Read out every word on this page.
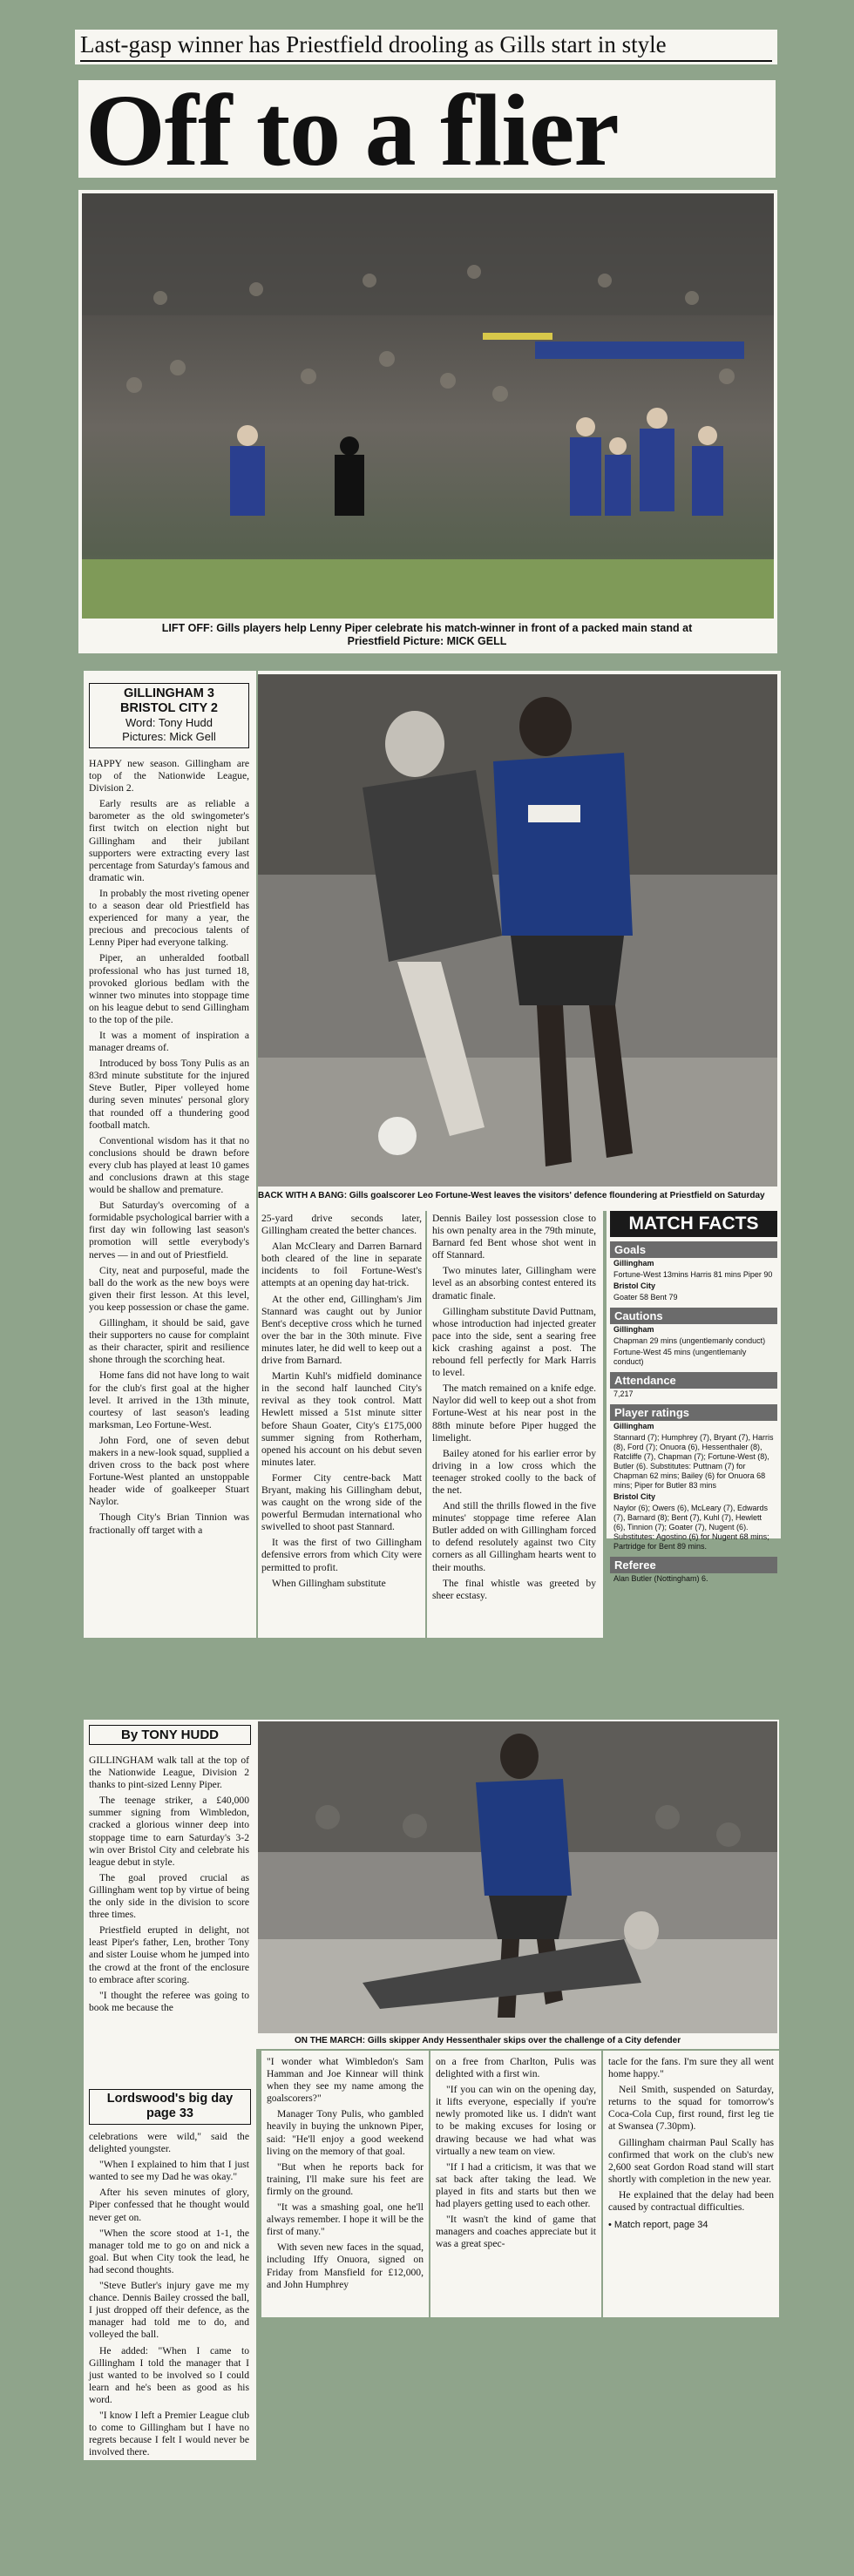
Last-gasp winner has Priestfield drooling as Gills start in style
Off to a flier
LIFT OFF: Gills players help Lenny Piper celebrate his match-winner in front of a packed main stand at Priestfield Picture: MICK GELL
GILLINGHAM 3
BRISTOL CITY 2
Word: Tony Hudd
Pictures: Mick Gell

HAPPY new season. Gillingham are top of the Nationwide League, Division 2.

Early results are as reliable a barometer as the old swingometer's first twitch on election night but Gillingham and their jubilant supporters were extracting every last percentage from Saturday's famous and dramatic win.

In probably the most riveting opener to a season dear old Priestfield has experienced for many a year, the precious and precocious talents of Lenny Piper had everyone talking.

Piper, an unheralded football professional who has just turned 18, provoked glorious bedlam with the winner two minutes into stoppage time on his league debut to send Gillingham to the top of the pile.

It was a moment of inspiration a manager dreams of.

Introduced by boss Tony Pulis as an 83rd minute substitute for the injured Steve Butler, Piper volleyed home during seven minutes' personal glory that rounded off a thundering good football match.

Conventional wisdom has it that no conclusions should be drawn before every club has played at least 10 games and conclusions drawn at this stage would be shallow and premature.

But Saturday's overcoming of a formidable psychological barrier with a first day win following last season's promotion will settle everybody's nerves — in and out of Priestfield.

City, neat and purposeful, made the ball do the work as the new boys were given their first lesson. At this level, you keep possession or chase the game.

Gillingham, it should be said, gave their supporters no cause for complaint as their character, spirit and resilience shone through the scorching heat.

Home fans did not have long to wait for the club's first goal at the higher level. It arrived in the 13th minute, courtesy of last season's leading marksman, Leo Fortune-West.

John Ford, one of seven debut makers in a new-look squad, supplied a driven cross to the back post where Fortune-West planted an unstoppable header wide of goalkeeper Stuart Naylor.

Though City's Brian Tinnion was fractionally off target with a

BACK WITH A BANG: Gills goalscorer Leo Fortune-West leaves the visitors' defence floundering at Priestfield on Saturday

25-yard drive seconds later, Gillingham created the better chances.

Alan McCleary and Darren Barnard both cleared of the line in separate incidents to foil Fortune-West's attempts at an opening day hat-trick.

At the other end, Gillingham's Jim Stannard was caught out by Junior Bent's deceptive cross which he turned over the bar in the 30th minute. Five minutes later, he did well to keep out a drive from Barnard.

Martin Kuhl's midfield dominance in the second half launched City's revival as they took control. Matt Hewlett missed a 51st minute sitter before Shaun Goater, City's £175,000 summer signing from Rotherham, opened his account on his debut seven minutes later.

Former City centre-back Matt Bryant, making his Gillingham debut, was caught on the wrong side of the powerful Bermudan international who swivelled to shoot past Stannard.

It was the first of two Gillingham defensive errors from which City were permitted to profit.

When Gillingham substitute

Dennis Bailey lost possession close to his own penalty area in the 79th minute, Barnard fed Bent whose shot went in off Stannard.

Two minutes later, Gillingham were level as an absorbing contest entered its dramatic finale.

Gillingham substitute David Puttnam, whose introduction had injected greater pace into the side, sent a searing free kick crashing against a post. The rebound fell perfectly for Mark Harris to level.

The match remained on a knife edge. Naylor did well to keep out a shot from Fortune-West at his near post in the 88th minute before Piper hugged the limelight.

Bailey atoned for his earlier error by driving in a low cross which the teenager stroked coolly to the back of the net.

And still the thrills flowed in the five minutes' stoppage time referee Alan Butler added on with Gillingham forced to defend resolutely against two City corners as all Gillingham hearts went to their mouths.

The final whistle was greeted by sheer ecstasy.

MATCH FACTS
Goals
Gillingham
Fortune-West 13mins Harris 81 mins Piper 90
Bristol City
Goater 58 Bent 79
Cautions
Gillingham
Chapman 29 mins (ungentlemanly conduct)
Fortune-West 45 mins (ungentlemanly conduct)
Attendance
7,217
Player ratings
Gillingham
Stannard (7); Humphrey (7), Bryant (7), Harris (8), Ford (7); Onuora (6), Hessenthaler (8), Ratcliffe (7), Chapman (7); Fortune-West (8), Butler (6). Substitutes: Puttnam (7) for Chapman 62 mins; Bailey (6) for Onuora 68 mins; Piper for Butler 83 mins
Bristol City
Naylor (6); Owers (6), McLeary (7), Edwards (7), Barnard (8); Bent (7), Kuhl (7), Hewlett (6), Tinnion (7); Goater (7), Nugent (6). Substitutes: Agostino (6) for Nugent 68 mins; Partridge for Bent 89 mins.
Referee
Alan Butler (Nottingham) 6.
By TONY HUDD

GILLINGHAM walk tall at the top of the Nationwide League, Division 2 thanks to pint-sized Lenny Piper.

The teenage striker, a £40,000 summer signing from Wimbledon, cracked a glorious winner deep into stoppage time to earn Saturday's 3-2 win over Bristol City and celebrate his league debut in style.

The goal proved crucial as Gillingham went top by virtue of being the only side in the division to score three times.

Priestfield erupted in delight, not least Piper's father, Len, brother Tony and sister Louise whom he jumped into the crowd at the front of the enclosure to embrace after scoring.

"I thought the referee was going to book me because the

ON THE MARCH: Gills skipper Andy Hessenthaler skips over the challenge of a City defender
Lordswood's big day
page 33

celebrations were wild," said the delighted youngster.

"When I explained to him that I just wanted to see my Dad he was okay."

After his seven minutes of glory, Piper confessed that he thought would never get on.

"When the score stood at 1-1, the manager told me to go on and nick a goal. But when City took the lead, he had second thoughts.

"Steve Butler's injury gave me my chance. Dennis Bailey crossed the ball, I just dropped off their defence, as the manager had told me to do, and volleyed the ball.

He added: "When I came to Gillingham I told the manager that I just wanted to be involved so I could learn and he's been as good as his word.

"I know I left a Premier League club to come to Gillingham but I have no regrets because I felt I would never be involved there.

"I wonder what Wimbledon's Sam Hamman and Joe Kinnear will think when they see my name among the goalscorers?"

Manager Tony Pulis, who gambled heavily in buying the unknown Piper, said: "He'll enjoy a good weekend living on the memory of that goal.

"But when he reports back for training, I'll make sure his feet are firmly on the ground.

"It was a smashing goal, one he'll always remember. I hope it will be the first of many."

With seven new faces in the squad, including Iffy Onuora, signed on Friday from Mansfield for £12,000, and John Humphrey

on a free from Charlton, Pulis was delighted with a first win.

"If you can win on the opening day, it lifts everyone, especially if you're newly promoted like us. I didn't want to be making excuses for losing or drawing because we had what was virtually a new team on view.

"If I had a criticism, it was that we sat back after taking the lead. We played in fits and starts but then we had players getting used to each other.

"It wasn't the kind of game that managers and coaches appreciate but it was a great spec-

tacle for the fans. I'm sure they all went home happy."

Neil Smith, suspended on Saturday, returns to the squad for tomorrow's Coca-Cola Cup, first round, first leg tie at Swansea (7.30pm).

Gillingham chairman Paul Scally has confirmed that work on the club's new 2,600 seat Gordon Road stand will start shortly with completion in the new year.

He explained that the delay had been caused by contractual difficulties.

• Match report, page 34
